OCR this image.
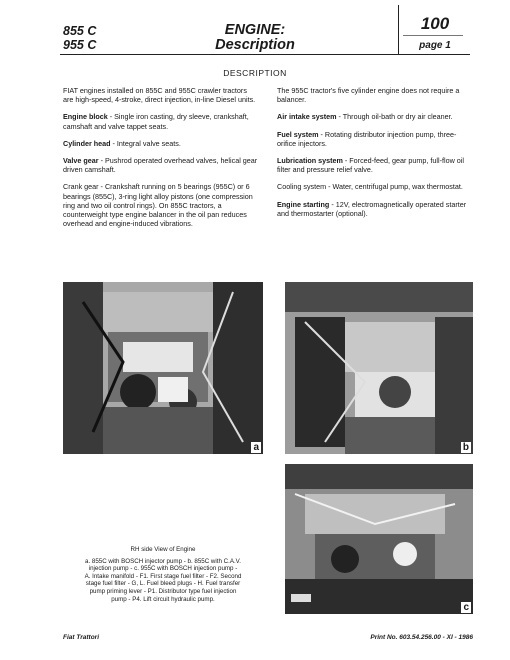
855 C
955 C
ENGINE:
Description
100
page 1
DESCRIPTION

FIAT engines installed on 855C and 955C crawler tractors are high-speed, 4-stroke, direct injection, in-line Diesel units.

Engine block - Single iron casting, dry sleeve, crankshaft, camshaft and valve tappet seats.

Cylinder head - Integral valve seats.

Valve gear - Pushrod operated overhead valves, helical gear driven camshaft.

Crank gear - Crankshaft running on 5 bearings (955C) or 6 bearings (855C), 3-ring light alloy pistons (one compression ring and two oil control rings). On 855C tractors, a counterweight type engine balancer in the oil pan reduces overhead and engine-induced vibrations.

The 955C tractor's five cylinder engine does not require a balancer.

Air intake system - Through oil-bath or dry air cleaner.

Fuel system - Rotating distributor injection pump, three-orifice injectors.

Lubrication system - Forced-feed, gear pump, full-flow oil filter and pressure relief valve.

Cooling system - Water, centrifugal pump, wax thermostat.

Engine starting - 12V, electromagnetically operated starter and thermostarter (optional).

a	b
c
RH side View of Engine
a. 855C with BOSCH injector pump - b. 855C with C.A.V.
injection pump - c. 955C with BOSCH injection pump -
A. Intake manifold - F1. First stage fuel filter - F2. Second
stage fuel filter - G, L. Fuel bleed plugs - H. Fuel transfer
pump priming lever - P1. Distributor type fuel injection
pump - P4. Lift circuit hydraulic pump.
Fiat Trattori	Print No. 603.54.256.00 - XI - 1986
